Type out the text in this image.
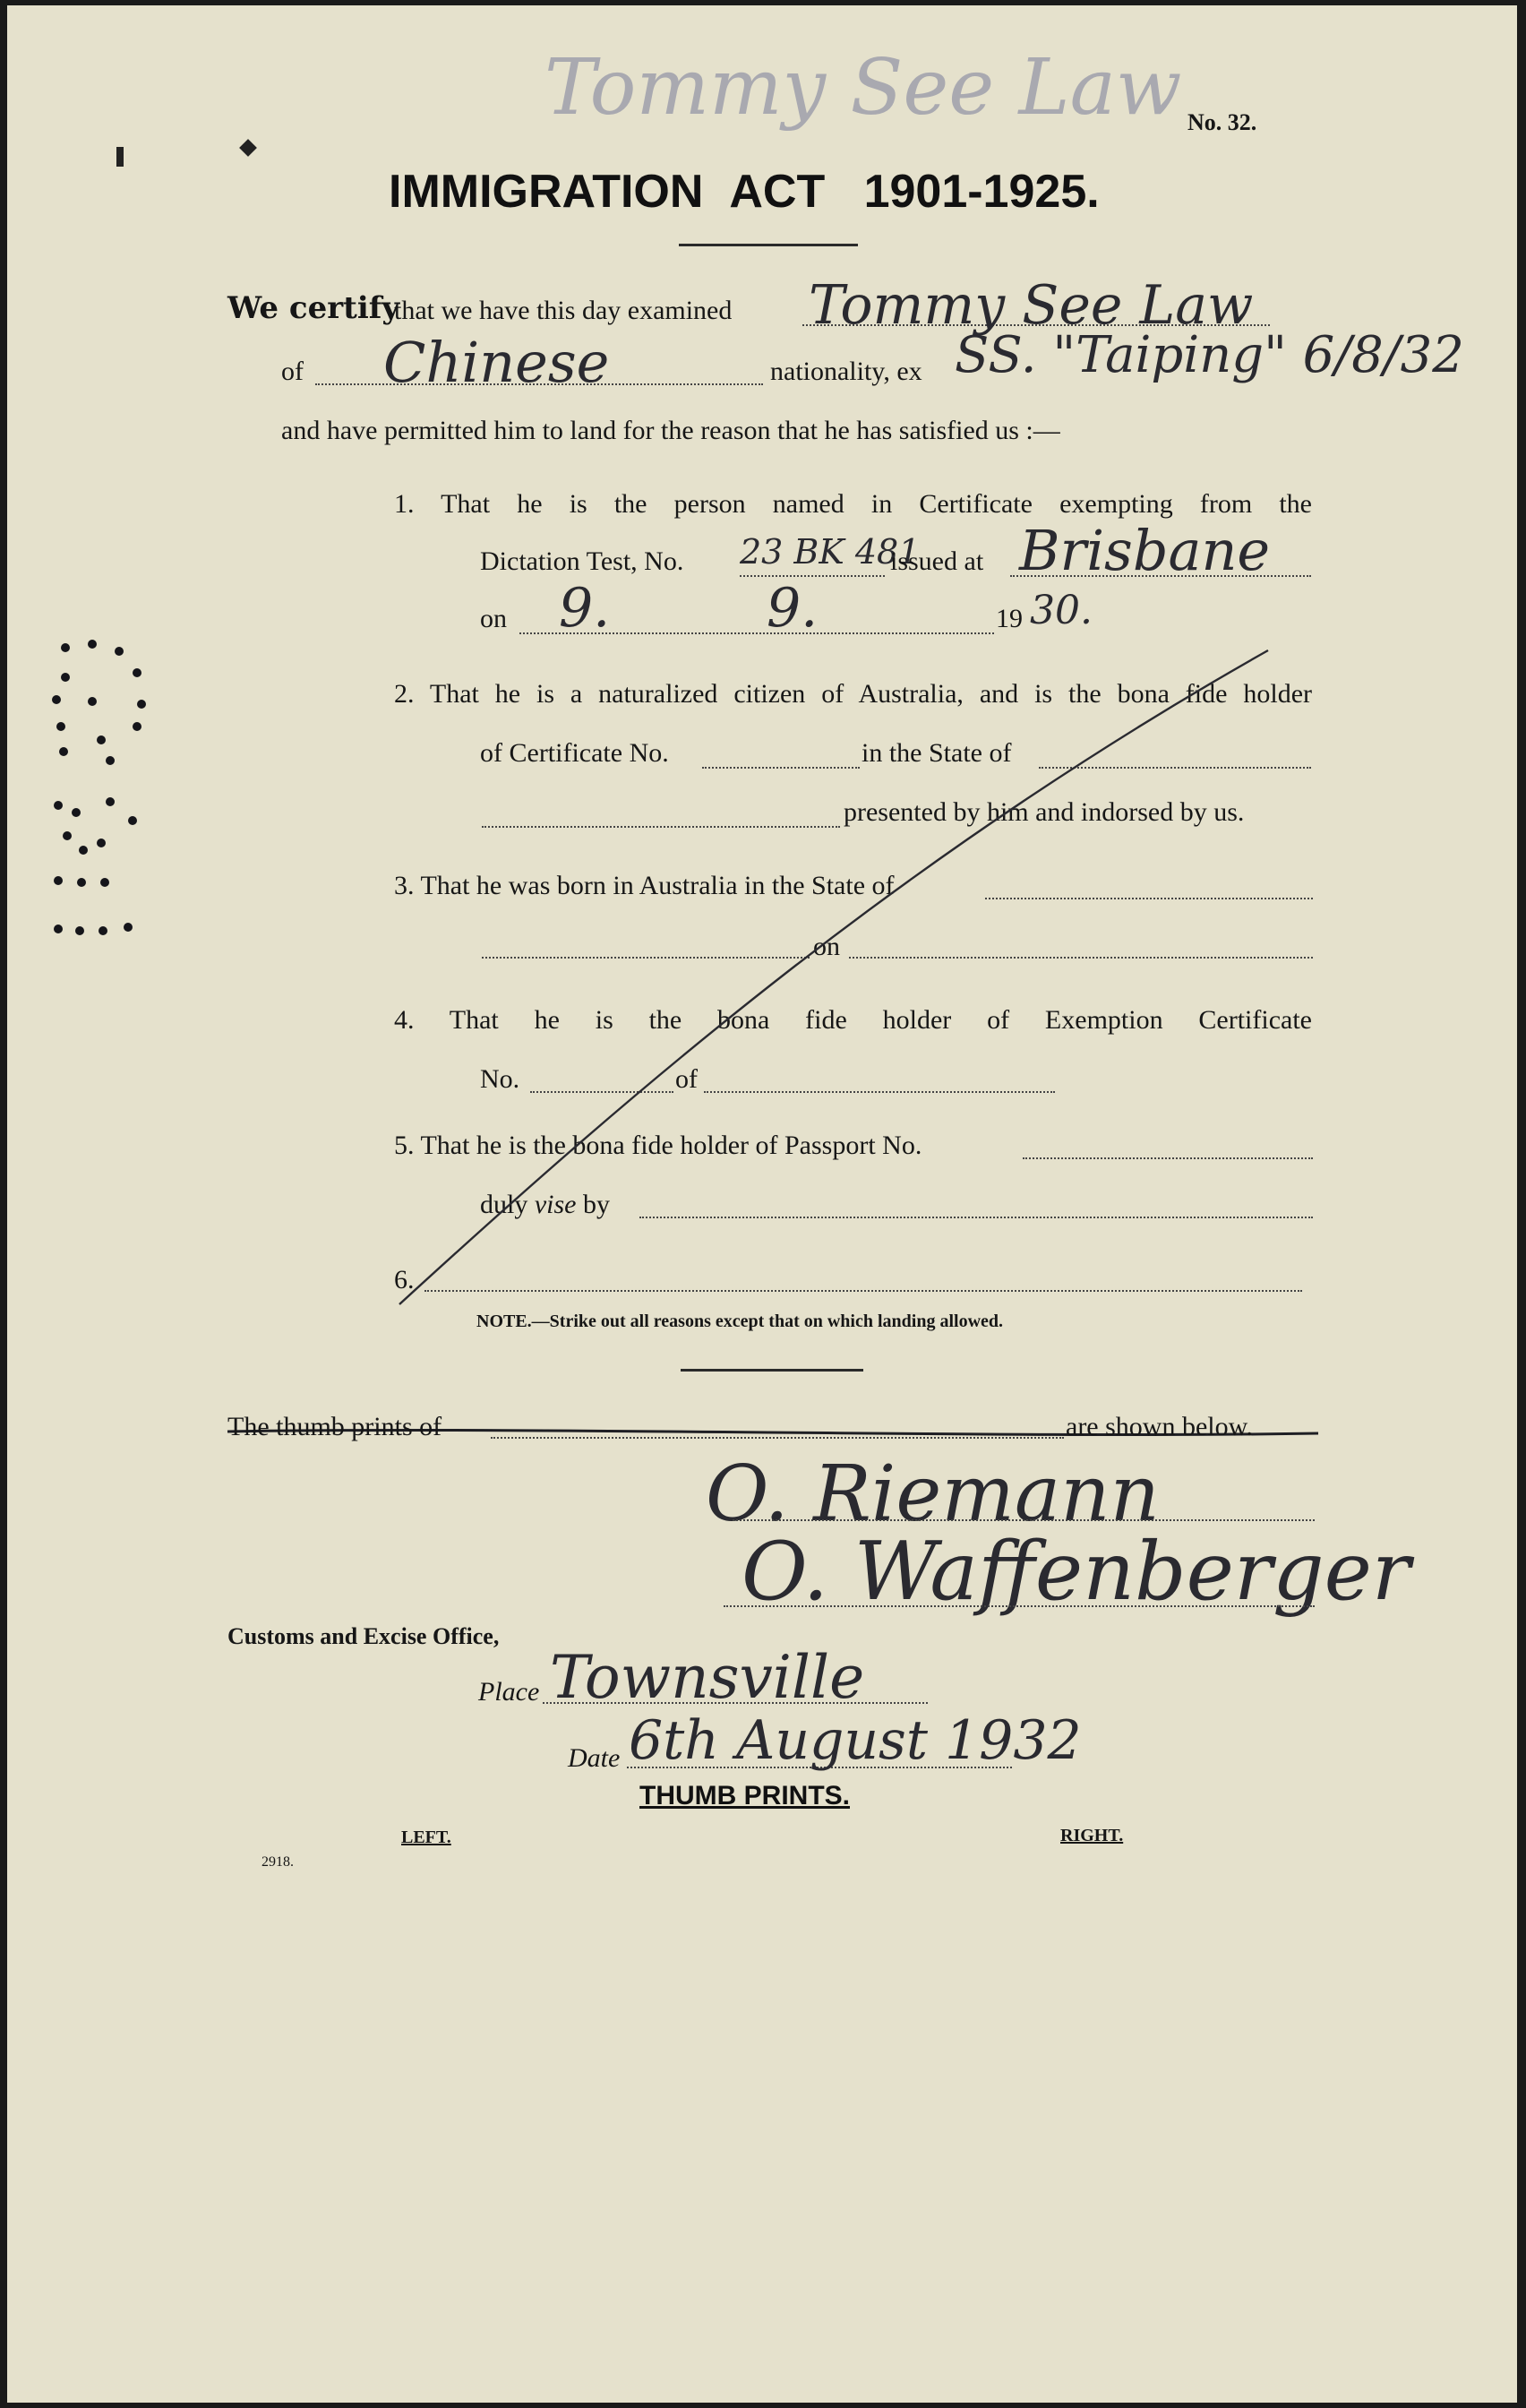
Tommy See Law No. 32.
IMMIGRATION ACT 1901-1925.
We certify
that we have this day examined Tommy See Law
of Chinese	nationality, ex SS. "Taiping" 6/8/32
and have permitted him to land for the reason that he has satisfied us :—
1. That he is the person named in Certificate exempting from the
Dictation Test, No. 23 BK 481
issued at Brisbane
on 9.	9.	19 30.
2. That he is a naturalized citizen of Australia, and is the bona fide holder
of Certificate No.	in the State of
presented by him and indorsed by us.
3. That he was born in Australia in the State of
on
4. That he is the bona fide holder of Exemption Certificate
No.	of
5. That he is the bona fide holder of Passport No.
duly vise by
6.
NOTE.—Strike out all reasons except that on which landing allowed.
The thumb prints of	are shown below.
O. Riemann
O. Waffenberger
Customs and Excise Office,
Place Townsville
Date 6th August 1932
THUMB PRINTS.
LEFT.	RIGHT.
2918.
